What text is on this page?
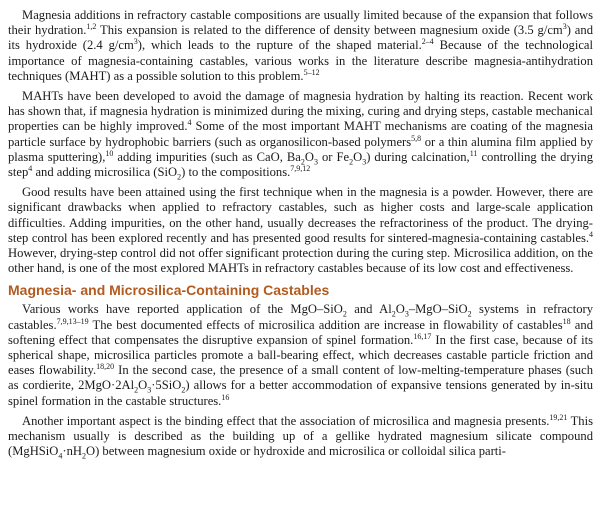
Magnesia additions in refractory castable compositions are usually limited because of the expansion that follows their hydration.$^{1,2}$ This expansion is related to the difference of density between magnesium oxide (3.5 $g/cm^3$) and its hydroxide (2.4 $g/cm^3$), which leads to the rupture of the shaped material.$^{2-4}$ Because of the technological importance of magnesia-containing castables, various works in the literature describe magnesia-antihydration techniques (MAHT) as a possible solution to this problem.$^{5-12}$

MAHTs have been developed to avoid the damage of magnesia hydration by halting its reaction. Recent work has shown that, if magnesia hydration is minimized during the mixing, curing and drying steps, castable mechanical properties can be highly improved.$^4$ Some of the most important MAHT mechanisms are coating of the magnesia particle surface by hydrophobic barriers (such as organosilicon-based polymers$^{5,8}$ or a thin alumina film applied by plasma sputtering),$^{10}$ adding impurities (such as CaO, $Ba_2O_3$ or $Fe_2O_3$) during calcination,$^{11}$ controlling the drying step$^4$ and adding microsilica (SiO$_2$) to the compositions.$^{7,9,12}$

Good results have been attained using the first technique when in the magnesia is a powder. However, there are significant drawbacks when applied to refractory castables, such as higher costs and large-scale application difficulties. Adding impurities, on the other hand, usually decreases the refractoriness of the product. The drying-step control has been explored recently and has presented good results for sintered-magnesia-containing castables.$^4$ However, drying-step control did not offer significant protection during the curing step. Microsilica addition, on the other hand, is one of the most explored MAHTs in refractory castables because of its low cost and effectiveness.

Magnesia- and Microsilica-Containing Castables

Various works have reported application of the MgO–SiO$_2$ and $Al_2O_3-MgO-SiO_2$ systems in refractory castables.$^{7,9,13-19}$ The best documented effects of microsilica addition are increase in flowability of castables$^{18}$ and softening effect that compensates the disruptive expansion of spinel formation.$^{16,17}$ In the first case, because of its spherical shape, microsilica particles promote a ball-bearing effect, which decreases castable particle friction and eases flowability.$^{18,20}$ In the second case, the presence of a small content of low-melting-temperature phases (such as cordierite, $2MgO\cdot 2Al_2O_3\cdot 5SiO_2$) allows for a better accommodation of expansive tensions generated by in-situ spinel formation in the castable structures.$^{16}$

Another important aspect is the binding effect that the association of microsilica and magnesia presents.$^{19,21}$ This mechanism usually is described as the building up of a gellike hydrated magnesium silicate compound $(MgHSiO_4\cdot nH_2O)$ between magnesium oxide or hydroxide and microsilica or colloidal silica parti-
